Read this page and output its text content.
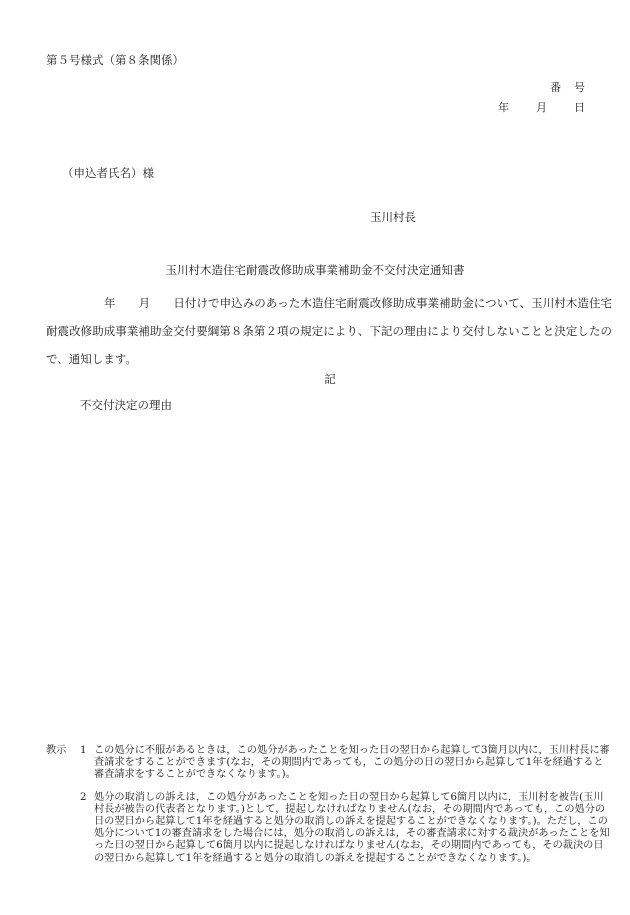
第５号様式（第８条関係）
番　号
年 月 日
（申込者氏名）様
玉川村長
玉川村木造住宅耐震改修助成事業補助金不交付決定通知書
年　　月　　日付けで申込みのあった木造住宅耐震改修助成事業補助金について、玉川村木造住宅耐震改修助成事業補助金交付要綱第８条第２項の規定により、下記の理由により交付しないことと決定したので、通知します。
記
不交付決定の理由
教示	1 この処分に不服があるときは，この処分があったことを知った日の翌日から起算して3箇月以内に，玉川村長に審査請求をすることができます(なお，その期間内であっても，この処分の日の翌日から起算して1年を経過すると審査請求をすることができなくなります。)。
2 処分の取消しの訴えは，この処分があったことを知った日の翌日から起算して6箇月以内に，玉川村を被告(玉川村長が被告の代表者となります。)として，提起しなければなりません(なお，その期間内であっても，この処分の日の翌日から起算して1年を経過すると処分の取消しの訴えを提起することができなくなります。)。ただし，この処分について1の審査請求をした場合には，処分の取消しの訴えは，その審査請求に対する裁決があったことを知った日の翌日から起算して6箇月以内に提起しなければなりません(なお，その期間内であっても，その裁決の日の翌日から起算して1年を経過すると処分の取消しの訴えを提起することができなくなります。)。
